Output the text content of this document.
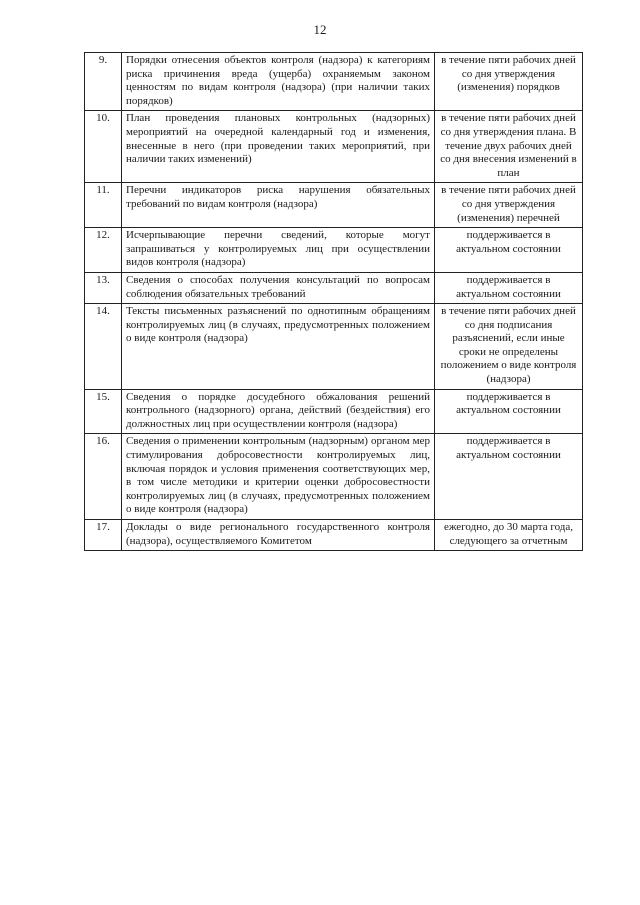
12
9.	Порядки отнесения объектов контроля (надзора) к категориям риска причинения вреда (ущерба) охраняемым законом ценностям по видам контроля (надзора) (при наличии таких порядков)	в течение пяти рабочих дней со дня утверждения (изменения) порядков
10.	План проведения плановых контрольных (надзорных) мероприятий на очередной календарный год и изменения, внесенные в него (при проведении таких мероприятий, при наличии таких изменений)	в течение пяти рабочих дней со дня утверждения плана. В течение двух рабочих дней со дня внесения изменений в план
11.	Перечни индикаторов риска нарушения обязательных требований по видам контроля (надзора)	в течение пяти рабочих дней со дня утверждения (изменения) перечней
12.	Исчерпывающие перечни сведений, которые могут запрашиваться у контролируемых лиц при осуществлении видов контроля (надзора)	поддерживается в актуальном состоянии
13.	Сведения о способах получения консультаций по вопросам соблюдения обязательных требований	поддерживается в актуальном состоянии
14.	Тексты письменных разъяснений по однотипным обращениям контролируемых лиц (в случаях, предусмотренных положением о виде контроля (надзора)	в течение пяти рабочих дней со дня подписания разъяснений, если иные сроки не определены положением о виде контроля (надзора)
15.	Сведения о порядке досудебного обжалования решений контрольного (надзорного) органа, действий (бездействия) его должностных лиц при осуществлении контроля (надзора)	поддерживается в актуальном состоянии
16.	Сведения о применении контрольным (надзорным) органом мер стимулирования добросовестности контролируемых лиц, включая порядок и условия применения соответствующих мер, в том числе методики и критерии оценки добросовестности контролируемых лиц (в случаях, предусмотренных положением о виде контроля (надзора)	поддерживается в актуальном состоянии
17.	Доклады о виде регионального государственного контроля (надзора), осуществляемого Комитетом	ежегодно, до 30 марта года, следующего за отчетным
